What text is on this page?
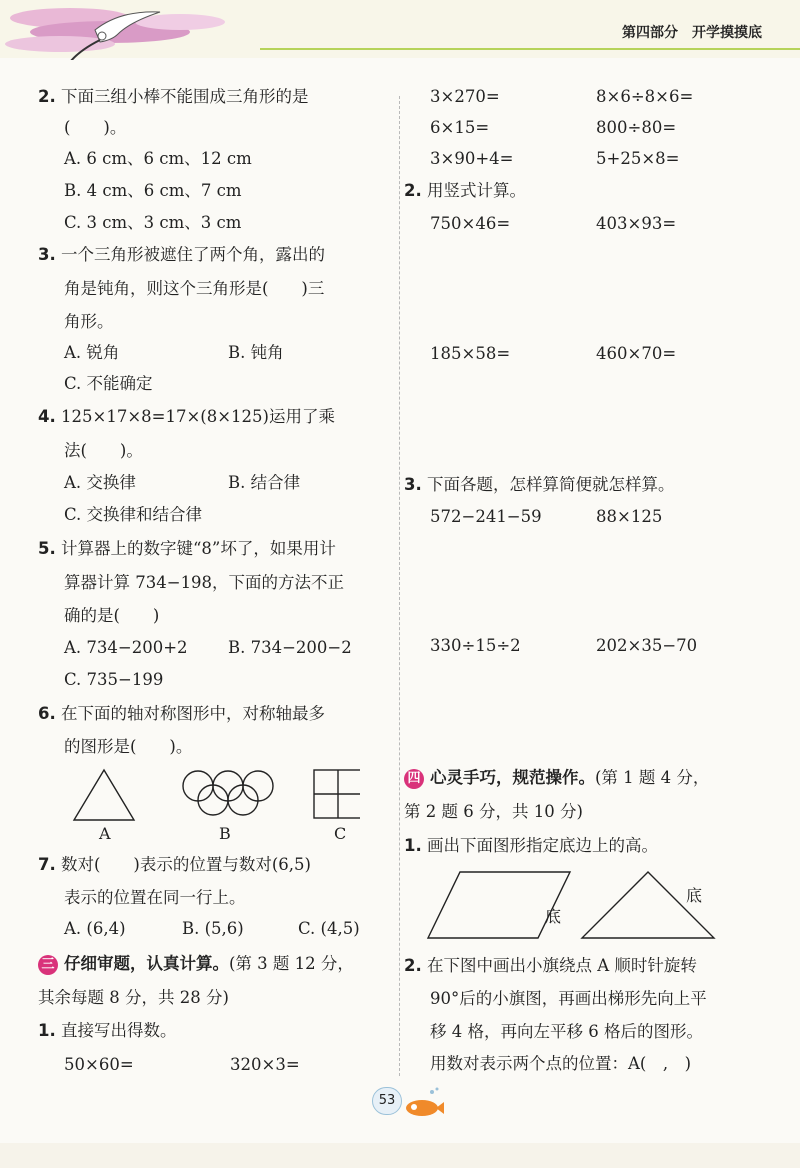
第四部分　开学摸摸底
2. 下面三组小棒不能围成三角形的是
(　　)。
A. 6 cm、6 cm、12 cm
B. 4 cm、6 cm、7 cm
C. 3 cm、3 cm、3 cm
3. 一个三角形被遮住了两个角，露出的
角是钝角，则这个三角形是(　　)三
角形。
A. 锐角	B. 钝角
C. 不能确定
4. 125×17×8=17×(8×125)运用了乘
法(　　)。
A. 交换律	B. 结合律
C. 交换律和结合律
5. 计算器上的数字键“8”坏了，如果用计
算器计算 734−198，下面的方法不正
确的是(　　)
A. 734−200+2 B. 734−200−2
C. 735−199
6. 在下面的轴对称图形中，对称轴最多
的图形是(　　)。
A	B	C
7. 数对(　　)表示的位置与数对(6,5)
表示的位置在同一行上。
A. (6,4)	B. (5,6)	C. (4,5)
三 仔细审题，认真计算。(第 3 题 12 分，
其余每题 8 分，共 28 分)
1. 直接写出得数。
50×60=	320×3=
3×270=	8×6÷8×6=
6×15=	800÷80=
3×90+4=	5+25×8=
2. 用竖式计算。
750×46=	403×93=
185×58=	460×70=
3. 下面各题，怎样算简便就怎样算。
572−241−59	88×125
330÷15÷2	202×35−70
四 心灵手巧，规范操作。(第 1 题 4 分，
第 2 题 6 分，共 10 分)
1. 画出下面图形指定底边上的高。
底
底
2. 在下图中画出小旗绕点 A 顺时针旋转
90°后的小旗图，再画出梯形先向上平
移 4 格，再向左平移 6 格后的图形。
用数对表示两个点的位置：A(　,　)
53
